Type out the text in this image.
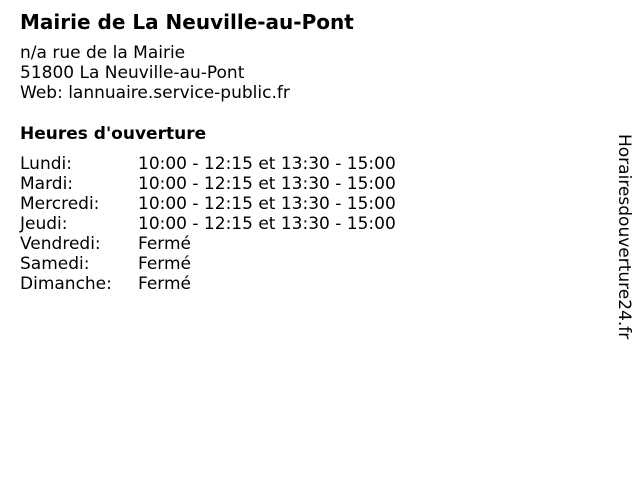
Mairie de La Neuville-au-Pont
n/a rue de la Mairie
51800 La Neuville-au-Pont
Web: lannuaire.service-public.fr
Heures d'ouverture
Lundi:	10:00 - 12:15 et 13:30 - 15:00
Mardi:	10:00 - 12:15 et 13:30 - 15:00
Mercredi:	10:00 - 12:15 et 13:30 - 15:00
Jeudi:	10:00 - 12:15 et 13:30 - 15:00
Vendredi:	Fermé
Samedi:	Fermé
Dimanche:	Fermé	Horairesdouverture24.fr
